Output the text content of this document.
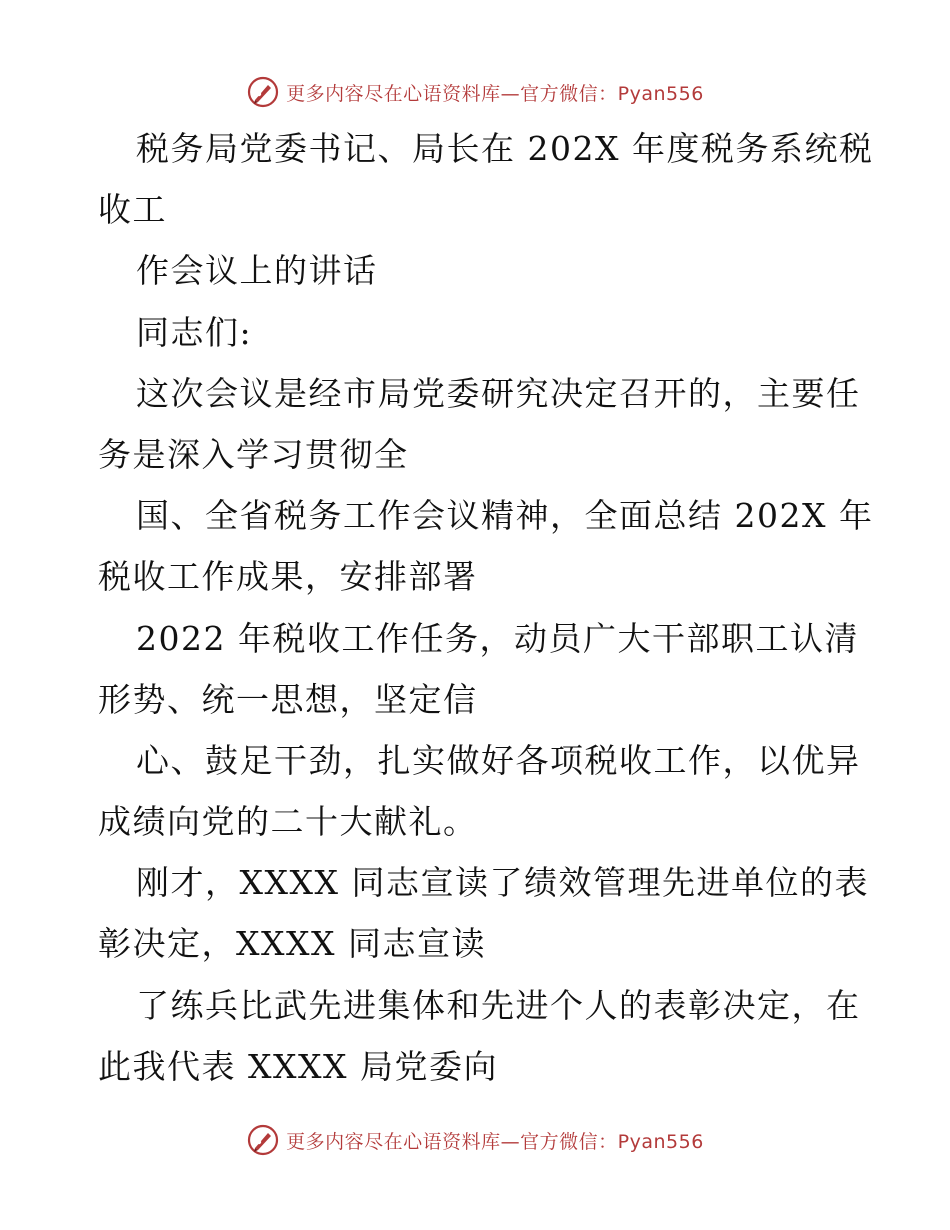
更多内容尽在心语资料库—官方微信：Pyan556
税务局党委书记、局长在 202X 年度税务系统税
收工
作会议上的讲话
同志们:
这次会议是经市局党委研究决定召开的，主要任
务是深入学习贯彻全
国、全省税务工作会议精神，全面总结 202X 年
税收工作成果，安排部署
2022 年税收工作任务，动员广大干部职工认清
形势、统一思想，坚定信
心、鼓足干劲，扎实做好各项税收工作，以优异
成绩向党的二十大献礼。
刚才，XXXX 同志宣读了绩效管理先进单位的表
彰决定，XXXX 同志宣读
了练兵比武先进集体和先进个人的表彰决定，在
此我代表 XXXX 局党委向
更多内容尽在心语资料库—官方微信：Pyan556
